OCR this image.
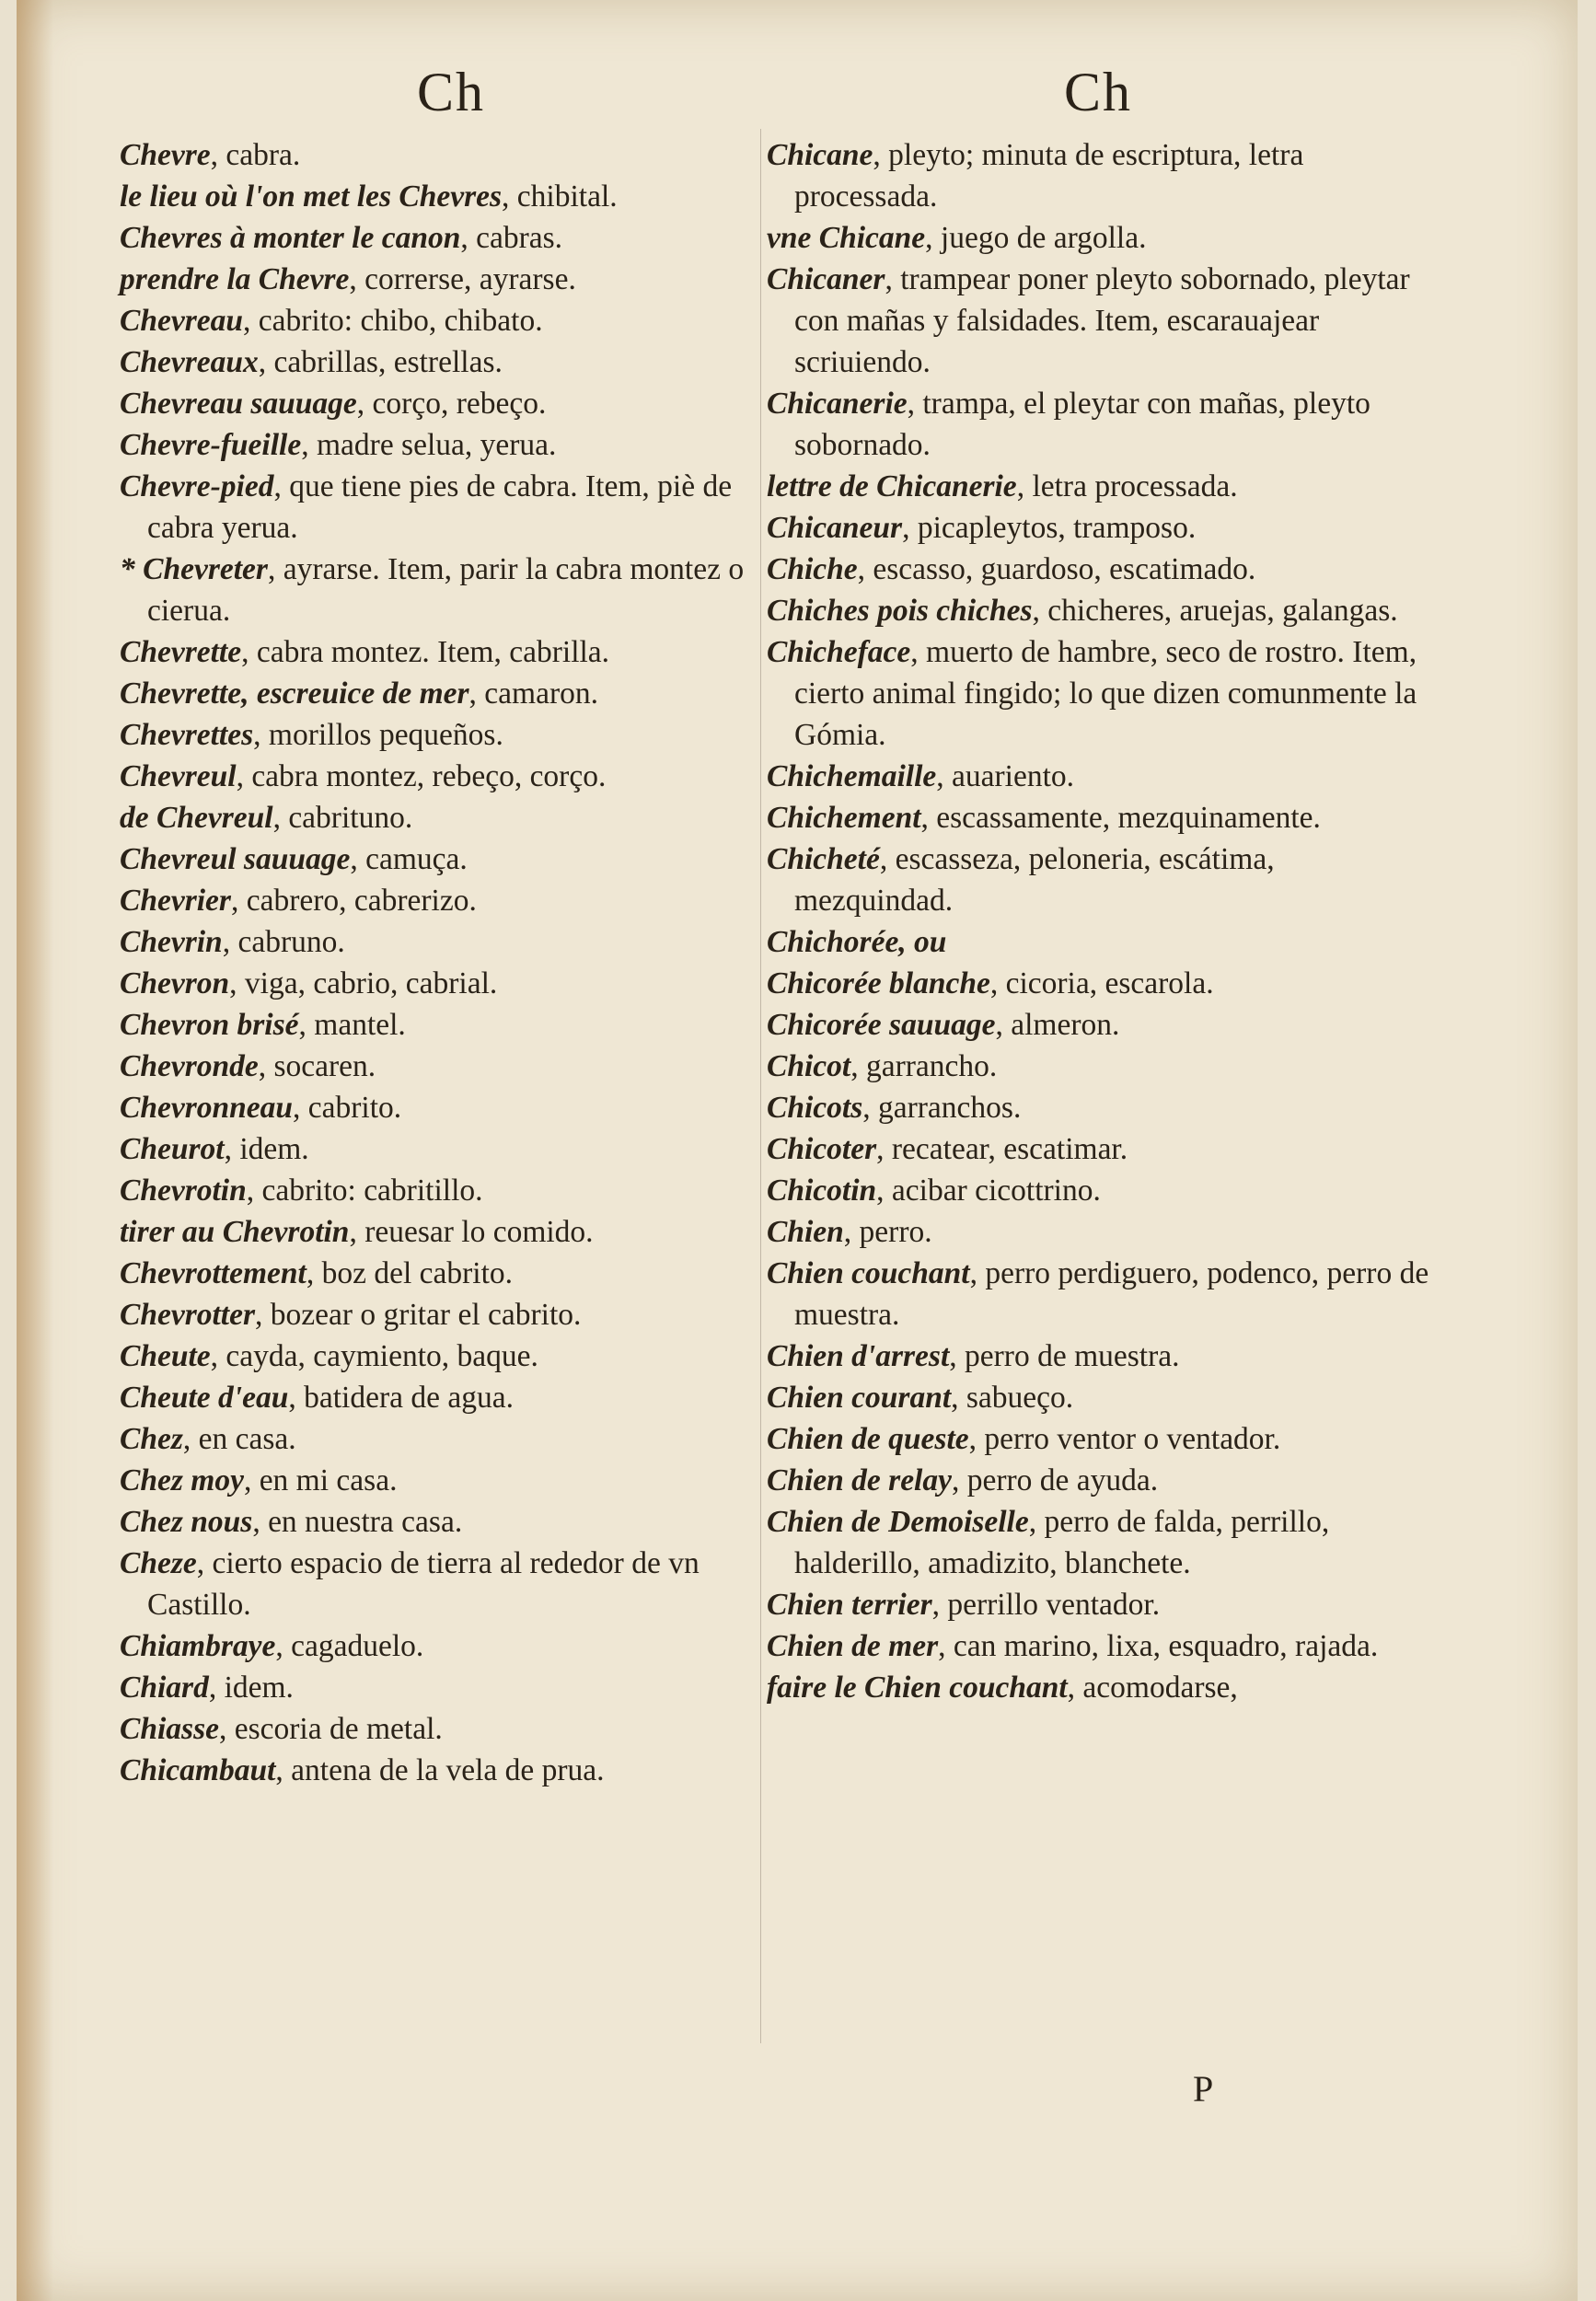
Ch
Chevre, cabra.
le lieu où l'on met les Chevres, chibital.
Chevres à monter le canon, cabras.
prendre la Chevre, correrse, ayrarse.
Chevreau, cabrito: chibo, chibato.
Chevreaux, cabrillas, estrellas.
Chevreau sauuage, corço, rebeço.
Chevre-fueille, madre selua, yerua.
Chevre-pied, que tiene pies de cabra. Item, piè de cabra yerua.
* Chevreter, ayrarse. Item, parir la cabra montez o cierua.
Chevrette, cabra montez. Item, cabrilla.
Chevrette, escreuice de mer, camaron.
Chevrettes, morillos pequeños.
Chevreul, cabra montez, rebeço, corço.
de Chevreul, cabrituno.
Chevreul sauuage, camuça.
Chevrier, cabrero, cabrerizo.
Chevrin, cabruno.
Chevron, viga, cabrio, cabrial.
Chevron brisé, mantel.
Chevronde, socaren.
Chevronneau, cabrito.
Cheurot, idem.
Chevrotin, cabrito: cabritillo.
tirer au Chevrotin, reuesar lo comido.
Chevrottement, boz del cabrito.
Chevrotter, bozear o gritar el cabrito.
Cheute, cayda, caymiento, baque.
Cheute d'eau, batidera de agua.
Chez, en casa.
Chez moy, en mi casa.
Chez nous, en nuestra casa.
Cheze, cierto espacio de tierra al rededor de vn Castillo.
Chiambraye, cagaduelo.
Chiard, idem.
Chiasse, escoria de metal.
Chicambaut, antena de la vela de prua.
Ch
Chicane, pleyto; minuta de escriptura, letra processada.
vne Chicane, juego de argolla.
Chicaner, trampear poner pleyto sobornado, pleytar con mañas y falsidades. Item, escarauajear scriuiendo.
Chicanerie, trampa, el pleytar con mañas, pleyto sobornado.
lettre de Chicanerie, letra processada.
Chicaneur, picapleytos, tramposo.
Chiche, escasso, guardoso, escatimado.
Chiches pois chiches, chicheres, aruejas, galangas.
Chicheface, muerto de hambre, seco de rostro. Item, cierto animal fingido; lo que dizen comunmente la Gómia.
Chichemaille, auariento.
Chichement, escassamente, mezquinamente.
Chicheté, escasseza, peloneria, escátima, mezquindad.
Chichorée, ou
Chicorée blanche, cicoria, escarola.
Chicorée sauuage, almeron.
Chicot, garrancho.
Chicots, garranchos.
Chicoter, recatear, escatimar.
Chicotin, acibar cicottrino.
Chien, perro.
Chien couchant, perro perdiguero, podenco, perro de muestra.
Chien d'arrest, perro de muestra.
Chien courant, sabueço.
Chien de queste, perro ventor o ventador.
Chien de relay, perro de ayuda.
Chien de Demoiselle, perro de falda, perrillo, halderillo, amadizito, blanchete.
Chien terrier, perrillo ventador.
Chien de mer, can marino, lixa, esquadro, rajada.
faire le Chien couchant, acomodarse,
P
